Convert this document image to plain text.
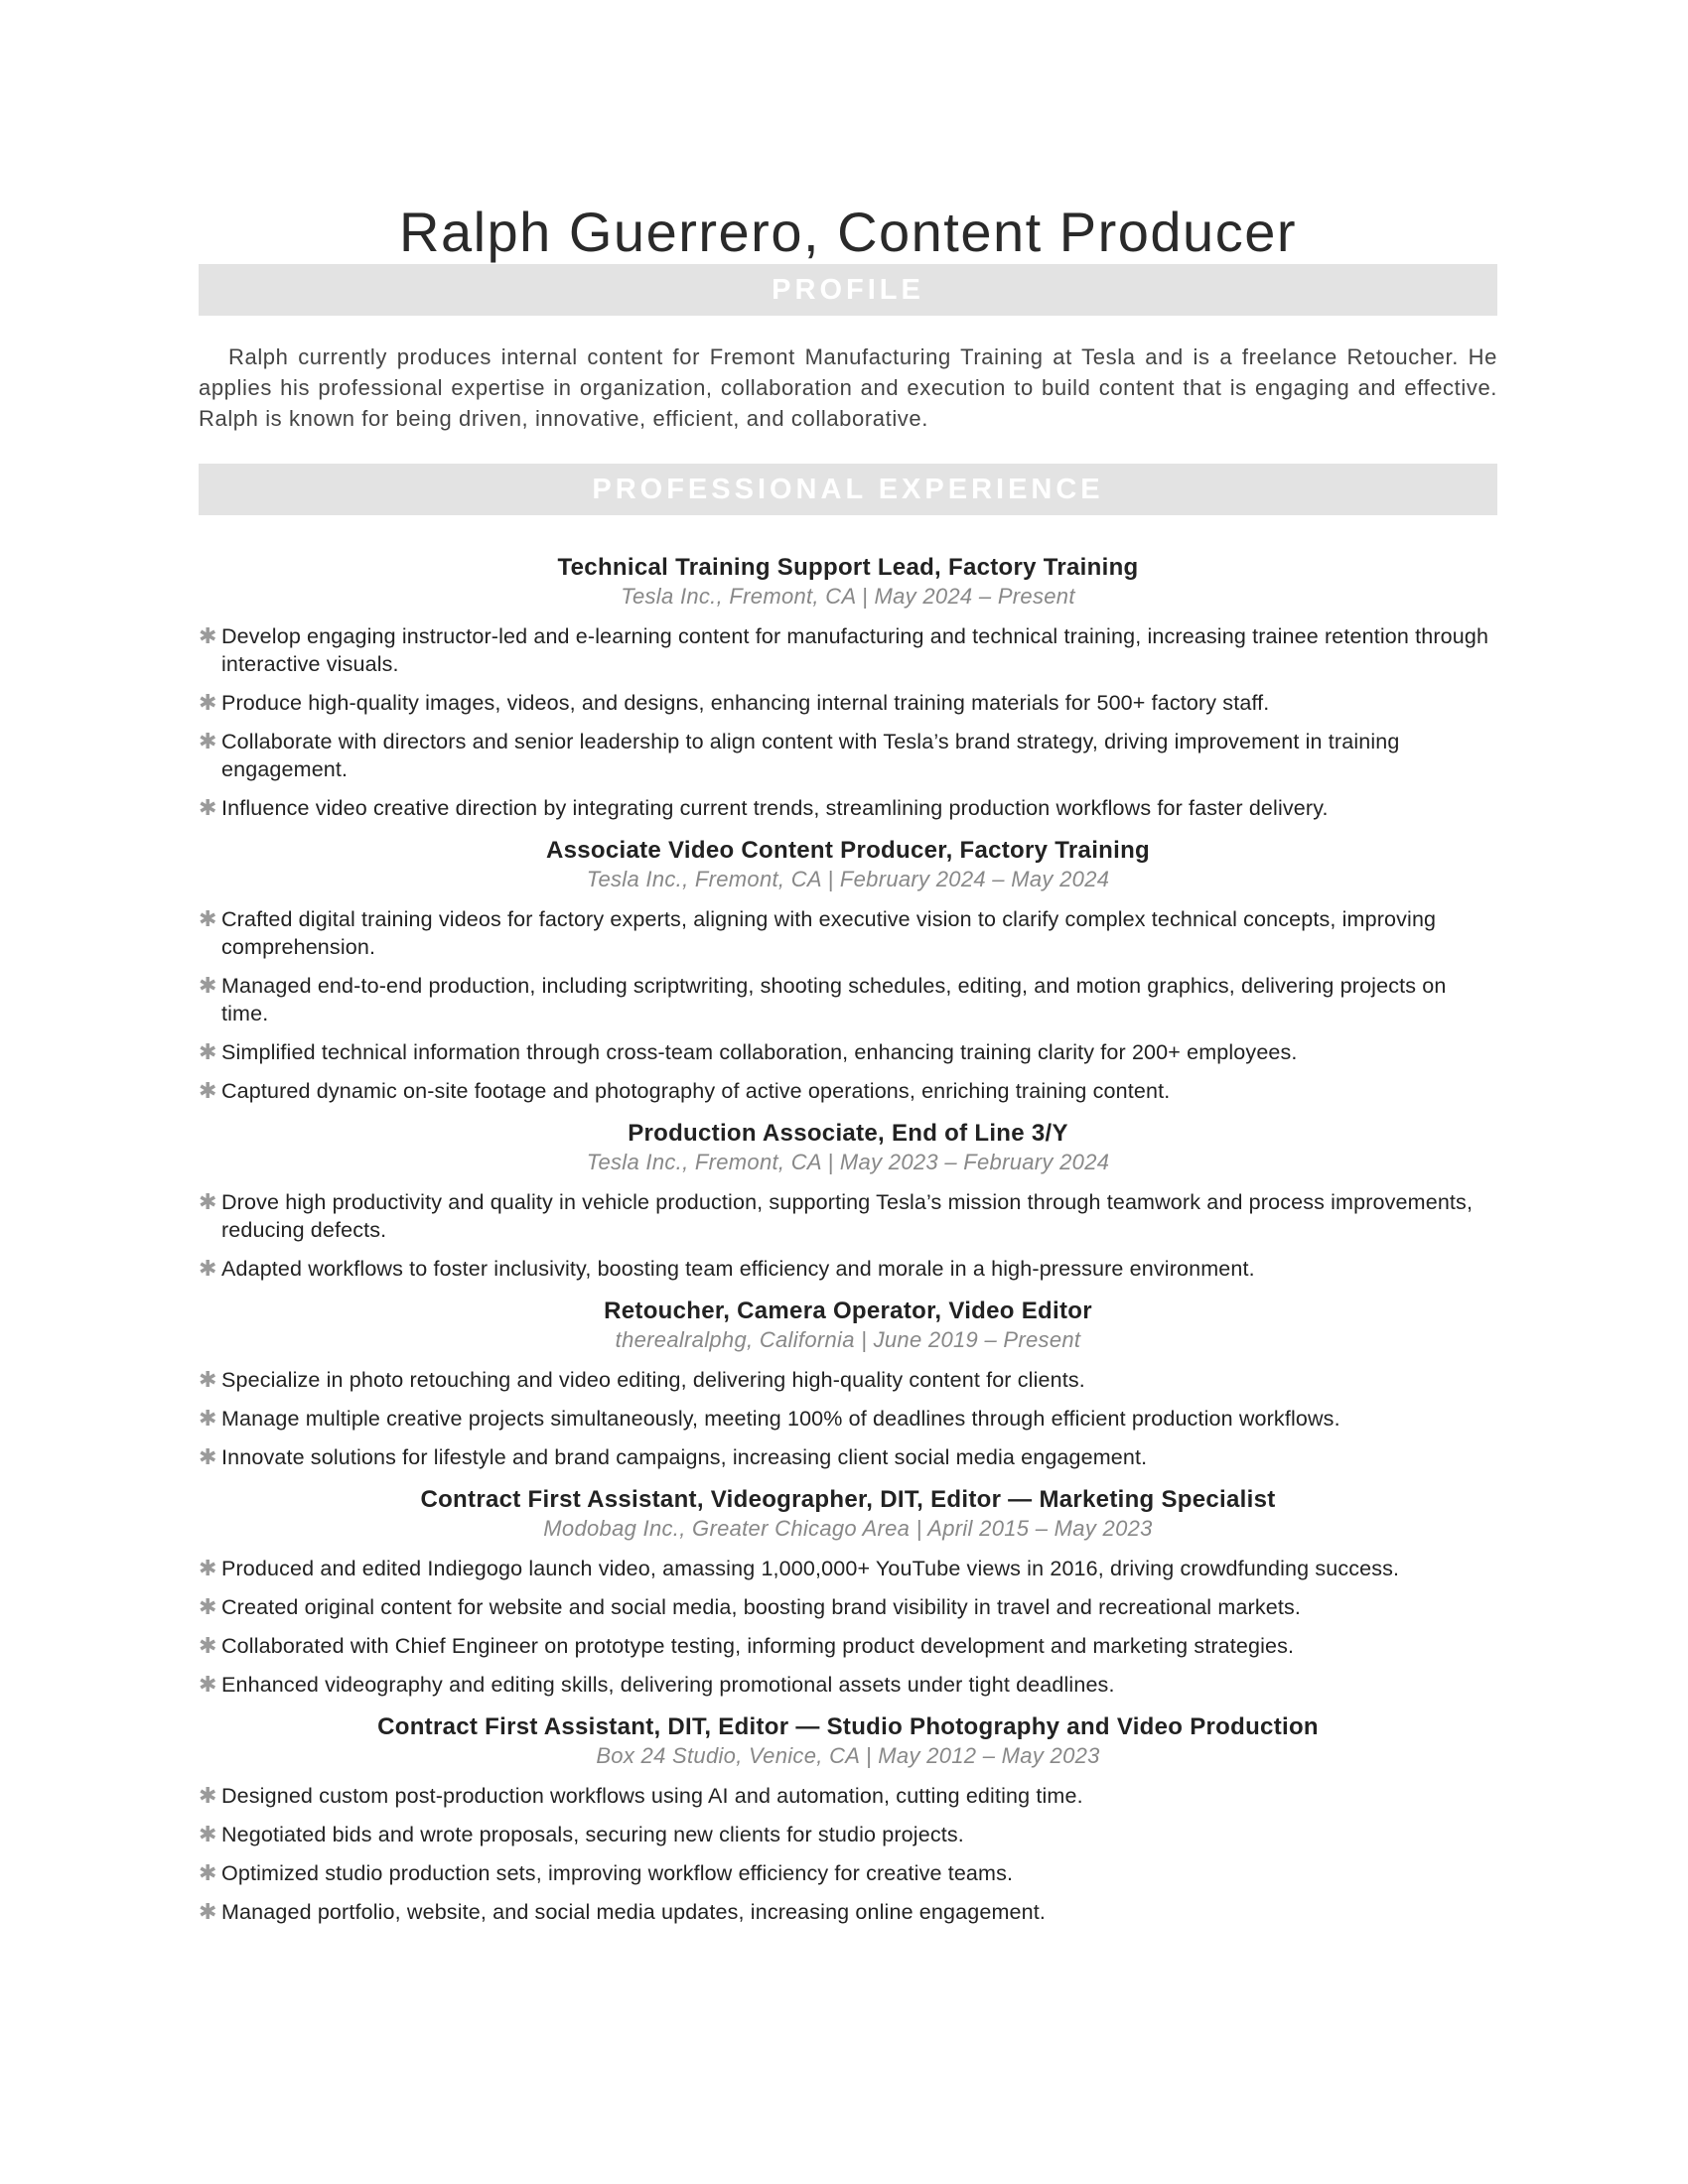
Ralph Guerrero, Content Producer
PROFILE

Ralph currently produces internal content for Fremont Manufacturing Training at Tesla and is a freelance Retoucher. He applies his professional expertise in organization, collaboration and execution to build content that is engaging and effective. Ralph is known for being driven, innovative, efficient, and collaborative.

PROFESSIONAL EXPERIENCE
Technical Training Support Lead, Factory Training
Tesla Inc., Fremont, CA | May 2024 – Present
✱ Develop engaging instructor-led and e-learning content for manufacturing and technical training, increasing trainee retention through interactive visuals.
✱ Produce high-quality images, videos, and designs, enhancing internal training materials for 500+ factory staff.
✱ Collaborate with directors and senior leadership to align content with Tesla’s brand strategy, driving improvement in training engagement.
✱ Influence video creative direction by integrating current trends, streamlining production workflows for faster delivery.
Associate Video Content Producer, Factory Training
Tesla Inc., Fremont, CA | February 2024 – May 2024
✱ Crafted digital training videos for factory experts, aligning with executive vision to clarify complex technical concepts, improving comprehension.
✱ Managed end-to-end production, including scriptwriting, shooting schedules, editing, and motion graphics, delivering projects on time.
✱ Simplified technical information through cross-team collaboration, enhancing training clarity for 200+ employees.
✱ Captured dynamic on-site footage and photography of active operations, enriching training content.
Production Associate, End of Line 3/Y
Tesla Inc., Fremont, CA | May 2023 – February 2024
✱ Drove high productivity and quality in vehicle production, supporting Tesla’s mission through teamwork and process improvements, reducing defects.
✱ Adapted workflows to foster inclusivity, boosting team efficiency and morale in a high-pressure environment.
Retoucher, Camera Operator, Video Editor
therealralphg, California | June 2019 – Present
✱ Specialize in photo retouching and video editing, delivering high-quality content for clients.
✱ Manage multiple creative projects simultaneously, meeting 100% of deadlines through efficient production workflows.
✱ Innovate solutions for lifestyle and brand campaigns, increasing client social media engagement.
Contract First Assistant, Videographer, DIT, Editor — Marketing Specialist
Modobag Inc., Greater Chicago Area | April 2015 – May 2023
✱ Produced and edited Indiegogo launch video, amassing 1,000,000+ YouTube views in 2016, driving crowdfunding success.
✱ Created original content for website and social media, boosting brand visibility in travel and recreational markets.
✱ Collaborated with Chief Engineer on prototype testing, informing product development and marketing strategies.
✱ Enhanced videography and editing skills, delivering promotional assets under tight deadlines.
Contract First Assistant, DIT, Editor — Studio Photography and Video Production
Box 24 Studio, Venice, CA | May 2012 – May 2023
✱ Designed custom post-production workflows using AI and automation, cutting editing time.
✱ Negotiated bids and wrote proposals, securing new clients for studio projects.
✱ Optimized studio production sets, improving workflow efficiency for creative teams.
✱ Managed portfolio, website, and social media updates, increasing online engagement.
